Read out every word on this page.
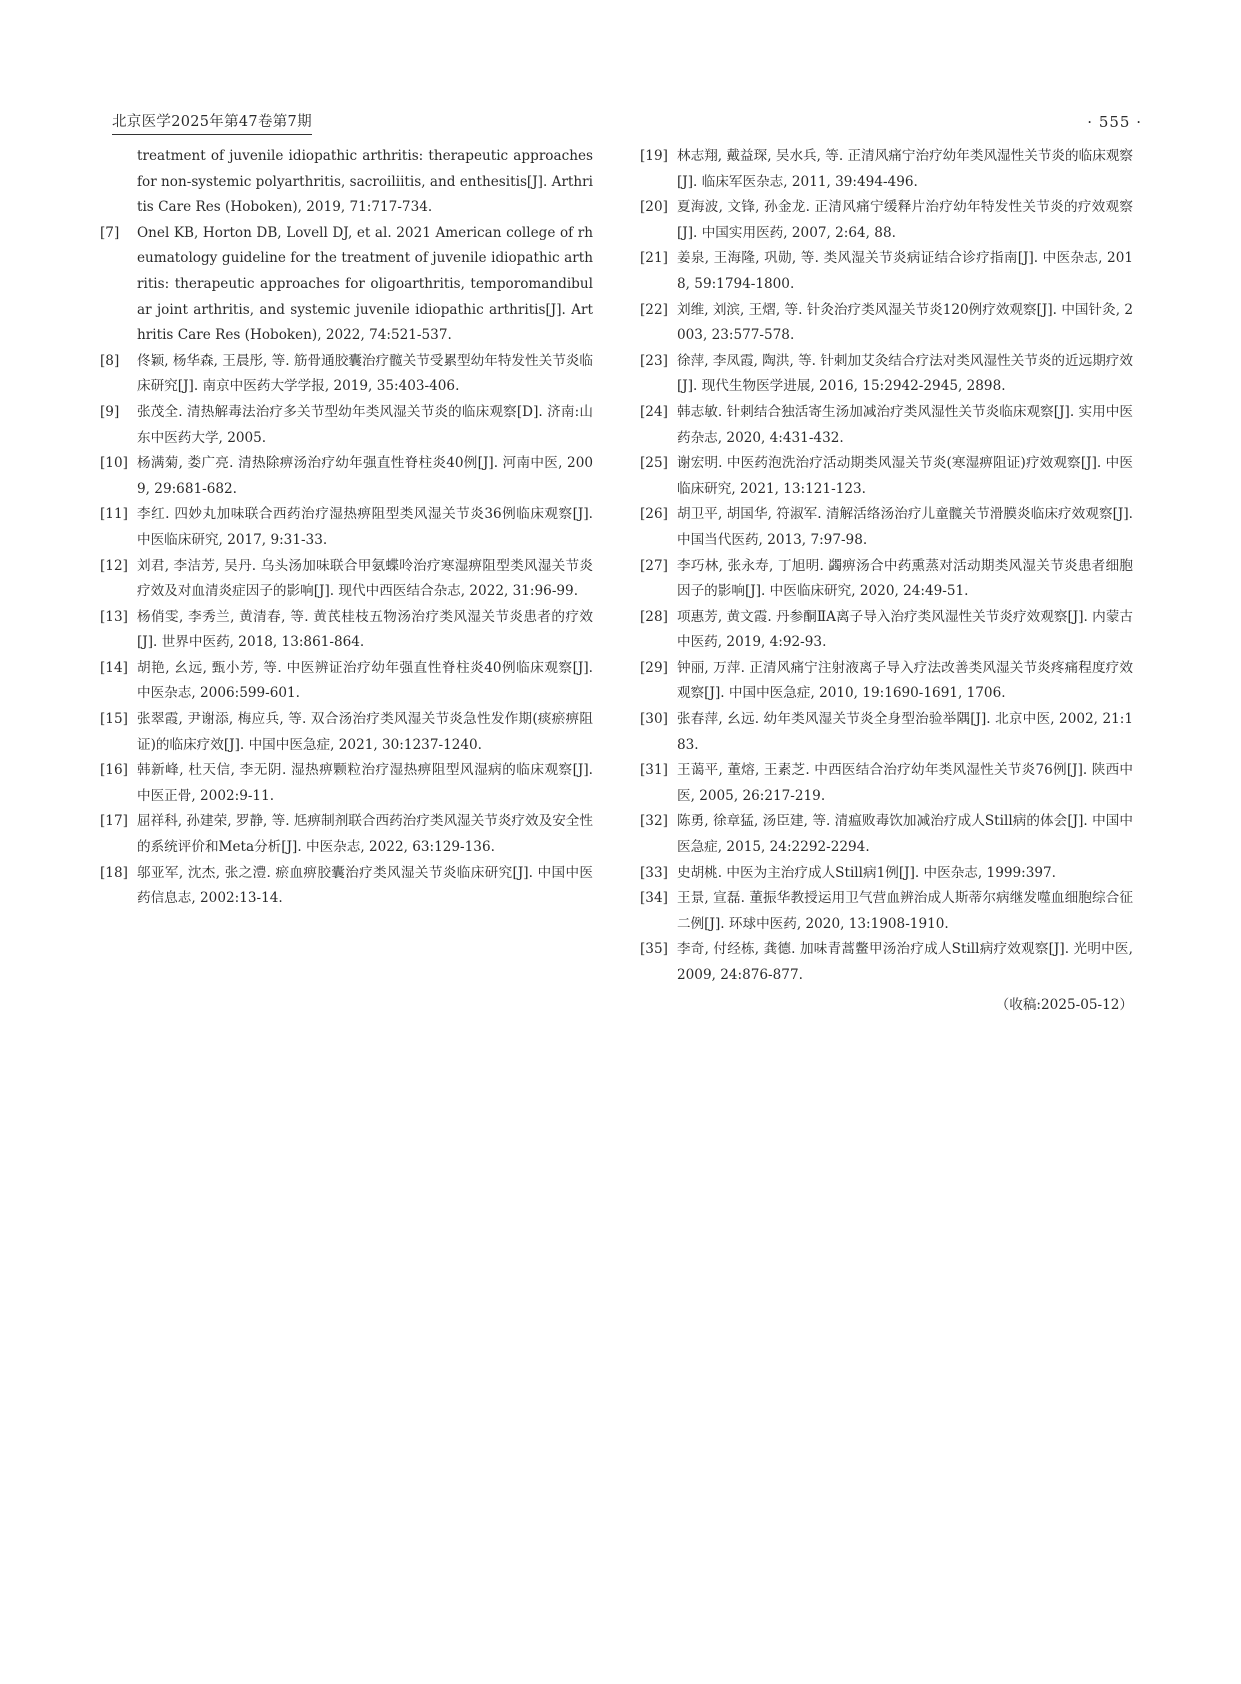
北京医学2025年第47卷第7期	· 555 ·
treatment of juvenile idiopathic arthritis: therapeutic approaches for non-systemic polyarthritis, sacroiliitis, and enthesitis[J]. Arthritis Care Res (Hoboken), 2019, 71:717-734.
[7]	Onel KB, Horton DB, Lovell DJ, et al. 2021 American college of rheumatology guideline for the treatment of juvenile idiopathic arthritis: therapeutic approaches for oligoarthritis, temporomandibular joint arthritis, and systemic juvenile idiopathic arthritis[J]. Arthritis Care Res (Hoboken), 2022, 74:521-537.
[8]	佟颖, 杨华森, 王晨彤, 等. 筋骨通胶囊治疗髋关节受累型幼年特发性关节炎临床研究[J]. 南京中医药大学学报, 2019, 35:403-406.
[9]	张茂全. 清热解毒法治疗多关节型幼年类风湿关节炎的临床观察[D]. 济南:山东中医药大学, 2005.
[10] 杨满菊, 娄广亮. 清热除痹汤治疗幼年强直性脊柱炎40例[J]. 河南中医, 2009, 29:681-682.
[11] 李红. 四妙丸加味联合西药治疗湿热痹阻型类风湿关节炎36例临床观察[J]. 中医临床研究, 2017, 9:31-33.
[12] 刘君, 李洁芳, 吴丹. 乌头汤加味联合甲氨蝶呤治疗寒湿痹阻型类风湿关节炎疗效及对血清炎症因子的影响[J]. 现代中西医结合杂志, 2022, 31:96-99.
[13] 杨俏雯, 李秀兰, 黄清春, 等. 黄芪桂枝五物汤治疗类风湿关节炎患者的疗效[J]. 世界中医药, 2018, 13:861-864.
[14] 胡艳, 幺远, 甄小芳, 等. 中医辨证治疗幼年强直性脊柱炎40例临床观察[J]. 中医杂志, 2006:599-601.
[15] 张翠霞, 尹谢添, 梅应兵, 等. 双合汤治疗类风湿关节炎急性发作期(痰瘀痹阻证)的临床疗效[J]. 中国中医急症, 2021, 30:1237-1240.
[16] 韩新峰, 杜天信, 李无阴. 湿热痹颗粒治疗湿热痹阻型风湿病的临床观察[J]. 中医正骨, 2002:9-11.
[17] 屈祥科, 孙建荣, 罗静, 等. 尪痹制剂联合西药治疗类风湿关节炎疗效及安全性的系统评价和Meta分析[J]. 中医杂志, 2022, 63:129-136.
[18] 邬亚军, 沈杰, 张之澧. 瘀血痹胶囊治疗类风湿关节炎临床研究[J]. 中国中医药信息志, 2002:13-14.
[19] 林志翔, 戴益琛, 吴水兵, 等. 正清风痛宁治疗幼年类风湿性关节炎的临床观察[J]. 临床军医杂志, 2011, 39:494-496.
[20] 夏海波, 文锋, 孙金龙. 正清风痛宁缓释片治疗幼年特发性关节炎的疗效观察[J]. 中国实用医药, 2007, 2:64, 88.
[21] 姜泉, 王海隆, 巩勋, 等. 类风湿关节炎病证结合诊疗指南[J]. 中医杂志, 2018, 59:1794-1800.
[22] 刘维, 刘滨, 王熠, 等. 针灸治疗类风湿关节炎120例疗效观察[J]. 中国针灸, 2003, 23:577-578.
[23] 徐萍, 李凤霞, 陶洪, 等. 针刺加艾灸结合疗法对类风湿性关节炎的近远期疗效[J]. 现代生物医学进展, 2016, 15:2942-2945, 2898.
[24] 韩志敏. 针刺结合独活寄生汤加减治疗类风湿性关节炎临床观察[J]. 实用中医药杂志, 2020, 4:431-432.
[25] 谢宏明. 中医药泡洗治疗活动期类风湿关节炎(寒湿痹阻证)疗效观察[J]. 中医临床研究, 2021, 13:121-123.
[26] 胡卫平, 胡国华, 符淑军. 清解活络汤治疗儿童髋关节滑膜炎临床疗效观察[J]. 中国当代医药, 2013, 7:97-98.
[27] 李巧林, 张永寿, 丁旭明. 蠲痹汤合中药熏蒸对活动期类风湿关节炎患者细胞因子的影响[J]. 中医临床研究, 2020, 24:49-51.
[28] 项惠芳, 黄文霞. 丹参酮ⅡA离子导入治疗类风湿性关节炎疗效观察[J]. 内蒙古中医药, 2019, 4:92-93.
[29] 钟丽, 万萍. 正清风痛宁注射液离子导入疗法改善类风湿关节炎疼痛程度疗效观察[J]. 中国中医急症, 2010, 19:1690-1691, 1706.
[30] 张春萍, 幺远. 幼年类风湿关节炎全身型治验举隅[J]. 北京中医, 2002, 21:183.
[31] 王蔼平, 董熔, 王素芝. 中西医结合治疗幼年类风湿性关节炎76例[J]. 陕西中医, 2005, 26:217-219.
[32] 陈勇, 徐章猛, 汤臣建, 等. 清瘟败毒饮加减治疗成人Still病的体会[J]. 中国中医急症, 2015, 24:2292-2294.
[33] 史胡桃. 中医为主治疗成人Still病1例[J]. 中医杂志, 1999:397.
[34] 王景, 宣磊. 董振华教授运用卫气营血辨治成人斯蒂尔病继发噬血细胞综合征二例[J]. 环球中医药, 2020, 13:1908-1910.
[35] 李奇, 付经栋, 龚德. 加味青蒿鳖甲汤治疗成人Still病疗效观察[J]. 光明中医, 2009, 24:876-877.
（收稿:2025-05-12）
